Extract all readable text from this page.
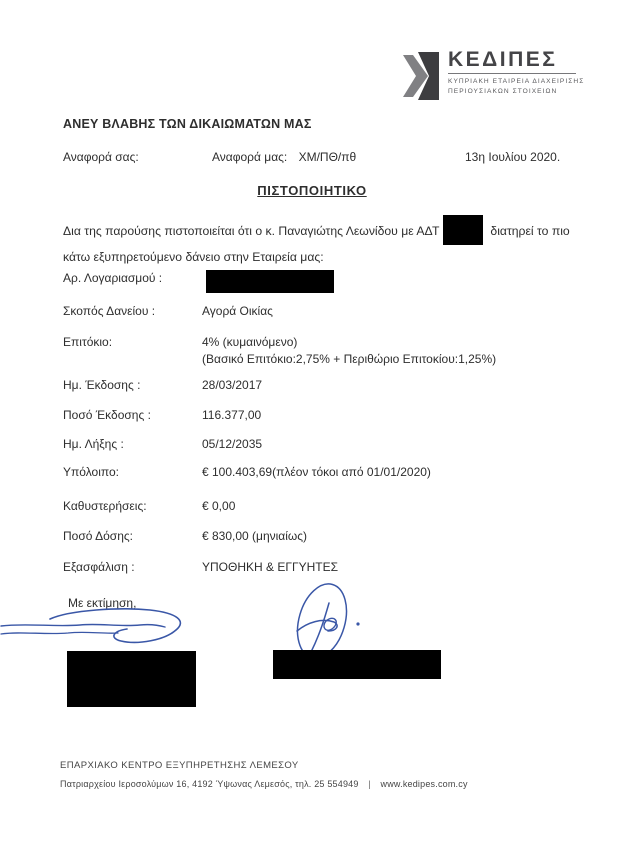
ΚΕΔΙΠΕΣ
ΚΥΠΡΙΑΚΗ ΕΤΑΙΡΕΙΑ ΔΙΑΧΕΙΡΙΣΗΣ
ΠΕΡΙΟΥΣΙΑΚΩΝ ΣΤΟΙΧΕΙΩΝ
ΑΝΕΥ ΒΛΑΒΗΣ ΤΩΝ ΔΙΚΑΙΩΜΑΤΩΝ ΜΑΣ
Αναφορά σας:	Αναφορά μας: ΧΜ/ΠΘ/πθ	13η Ιουλίου 2020.
ΠΙΣΤΟΠΟΙΗΤΙΚΟ
Δια της παρούσης πιστοποιείται ότι ο κ. Παναγιώτης Λεωνίδου με ΑΔΤ	διατηρεί το πιο
κάτω εξυπηρετούμενο δάνειο στην Εταιρεία μας:
Αρ. Λογαριασμού :
Σκοπός Δανείου :	Αγορά Οικίας
Επιτόκιο:	4% (κυμαινόμενο)
(Βασικό Επιτόκιο:2,75% + Περιθώριο Επιτοκίου:1,25%)
Ημ. Έκδοσης :	28/03/2017
Ποσό Έκδοσης :	116.377,00
Ημ. Λήξης :	05/12/2035
Υπόλοιπο:	€ 100.403,69(πλέον τόκοι από 01/01/2020)
Καθυστερήσεις:	€ 0,00
Ποσό Δόσης:	€ 830,00 (μηνιαίως)
Εξασφάλιση :	ΥΠΟΘΗΚΗ & ΕΓΓΥΗΤΕΣ
Με εκτίμηση,
ΕΠΑΡΧΙΑΚΟ ΚΕΝΤΡΟ ΕΞΥΠΗΡΕΤΗΣΗΣ ΛΕΜΕΣΟΥ
Πατριαρχείου Ιεροσολύμων 16, 4192 Ύψωνας Λεμεσός, τηλ. 25 554949 | www.kedipes.com.cy
